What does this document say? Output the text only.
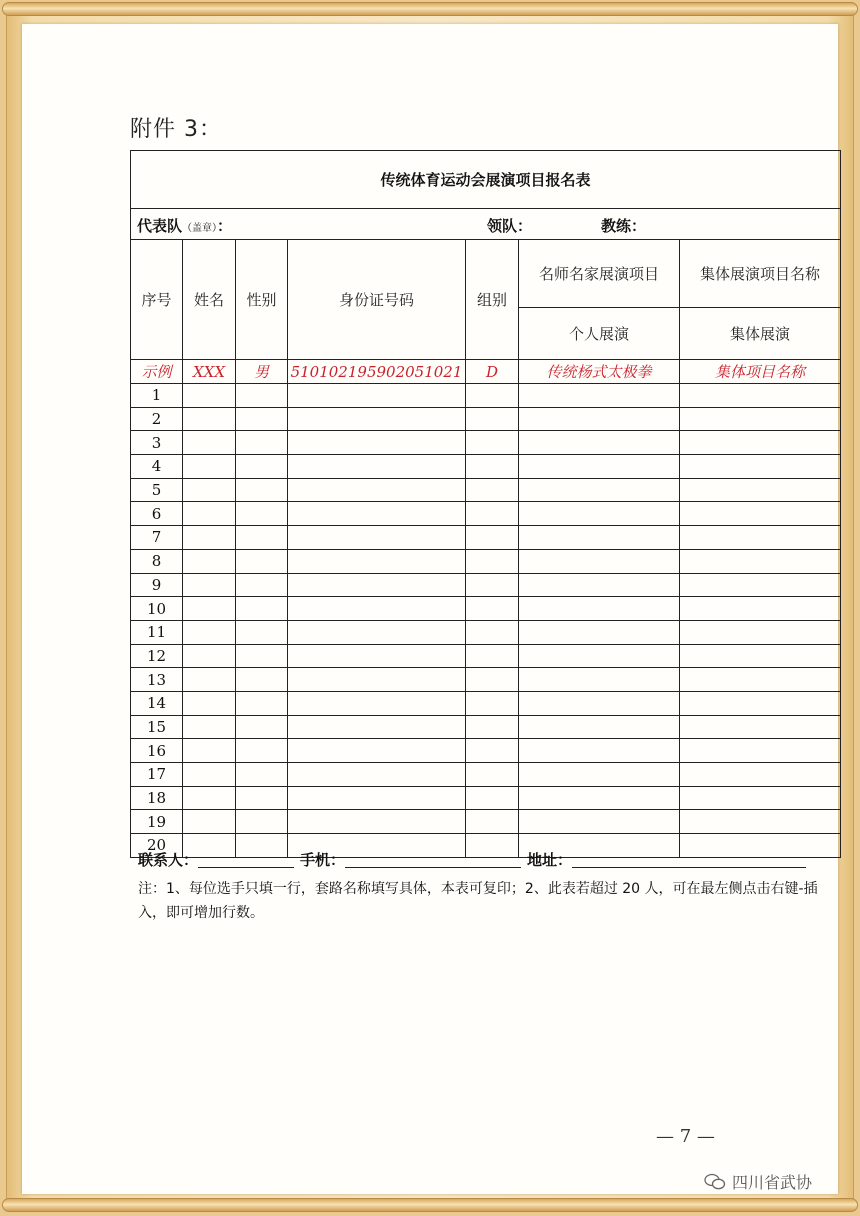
附件 3：
传统体育运动会展演项目报名表						

代表队（盖章）： 领队： 教练：						

序号	姓名	性别	身份证号码	组别	名师名家展演项目	集体展演项目名称
					个人展演	集体展演
示例	XXX	男	510102195902051021	D	传统杨式太极拳	集体项目名称
1						
2						
3						
4						
5						
6						
7						
8						
9						
10						
11						
12						
13						
14						
15						
16						
17						
18						
19						
20						
联系人：	手机：	地址：
注：1、每位选手只填一行，套路名称填写具体，本表可复印；2、此表若超过 20 人，可在最左侧点击右键-插入，即可增加行数。
— 7 —
四川省武协
